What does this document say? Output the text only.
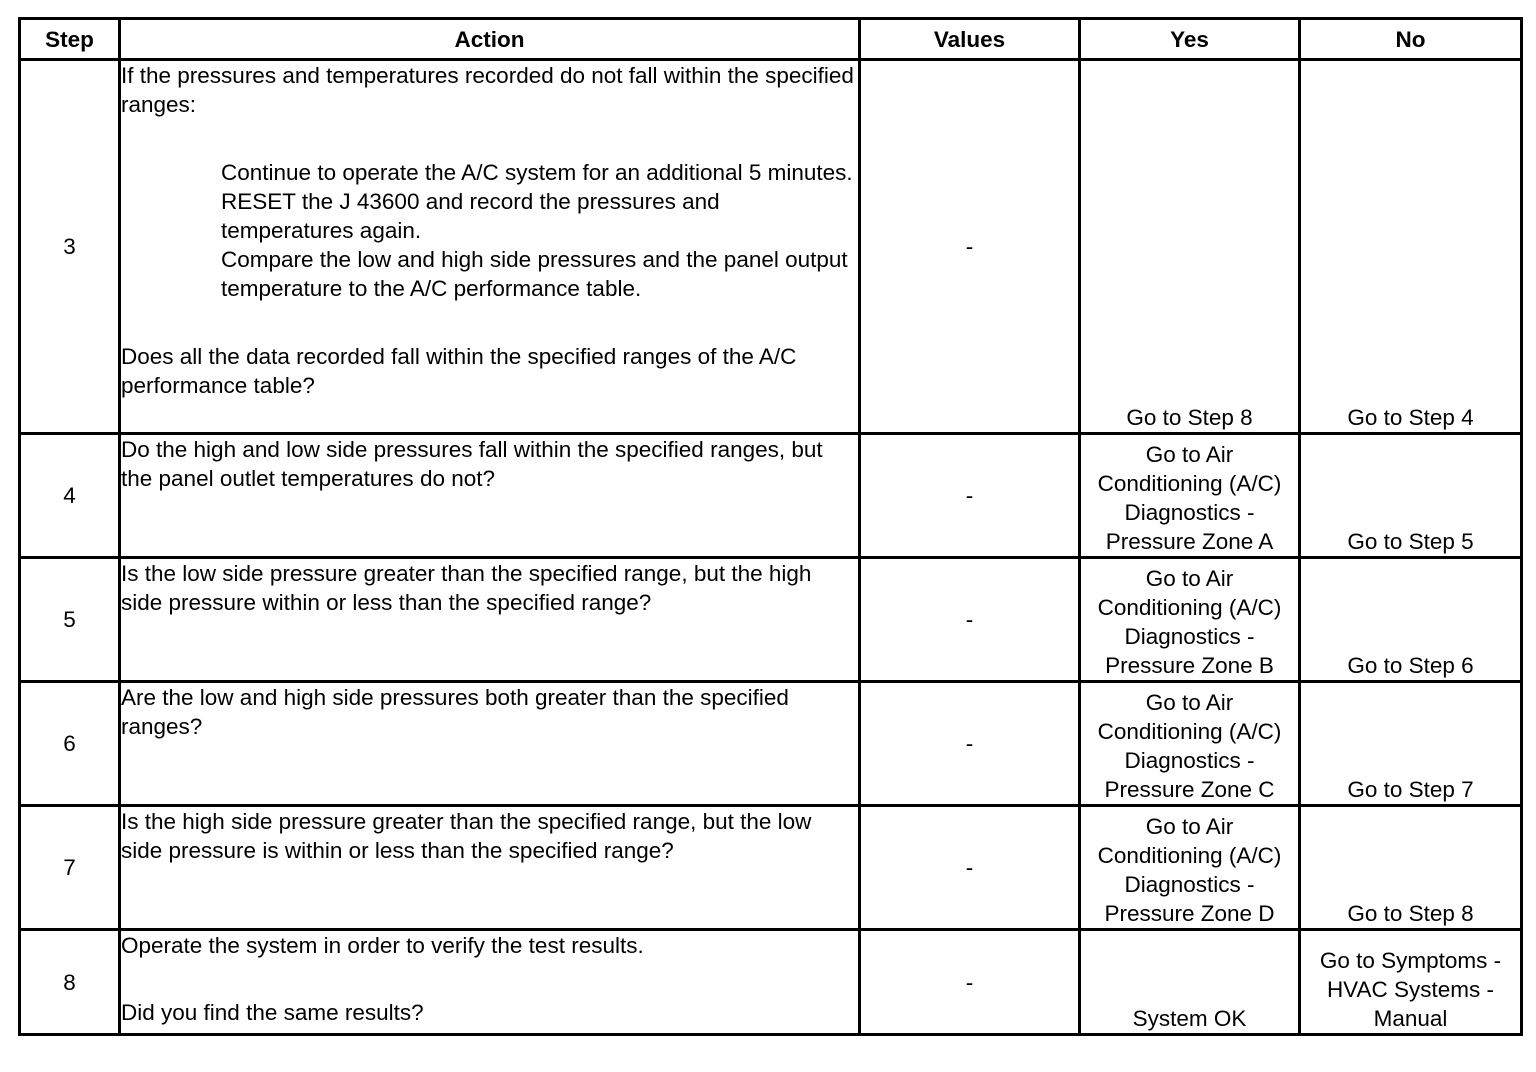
Step	Action	Values	Yes	No
3	If the pressures and temperatures recorded do not fall within the specified ranges:
Continue to operate the A/C system for an additional 5 minutes.
RESET the J 43600 and record the pressures and temperatures again.
Compare the low and high side pressures and the panel output temperature to the A/C performance table.
Does all the data recorded fall within the specified ranges of the A/C performance table?	-	Go to Step 8	Go to Step 4
4	Do the high and low side pressures fall within the specified ranges, but the panel outlet temperatures do not?	-	Go to Air Conditioning (A/C) Diagnostics - Pressure Zone A	Go to Step 5
5	Is the low side pressure greater than the specified range, but the high side pressure within or less than the specified range?	-	Go to Air Conditioning (A/C) Diagnostics - Pressure Zone B	Go to Step 6
6	Are the low and high side pressures both greater than the specified ranges?	-	Go to Air Conditioning (A/C) Diagnostics - Pressure Zone C	Go to Step 7
7	Is the high side pressure greater than the specified range, but the low side pressure is within or less than the specified range?	-	Go to Air Conditioning (A/C) Diagnostics - Pressure Zone D	Go to Step 8
8	Operate the system in order to verify the test results.
Did you find the same results?	-	System OK	Go to Symptoms - HVAC Systems - Manual
